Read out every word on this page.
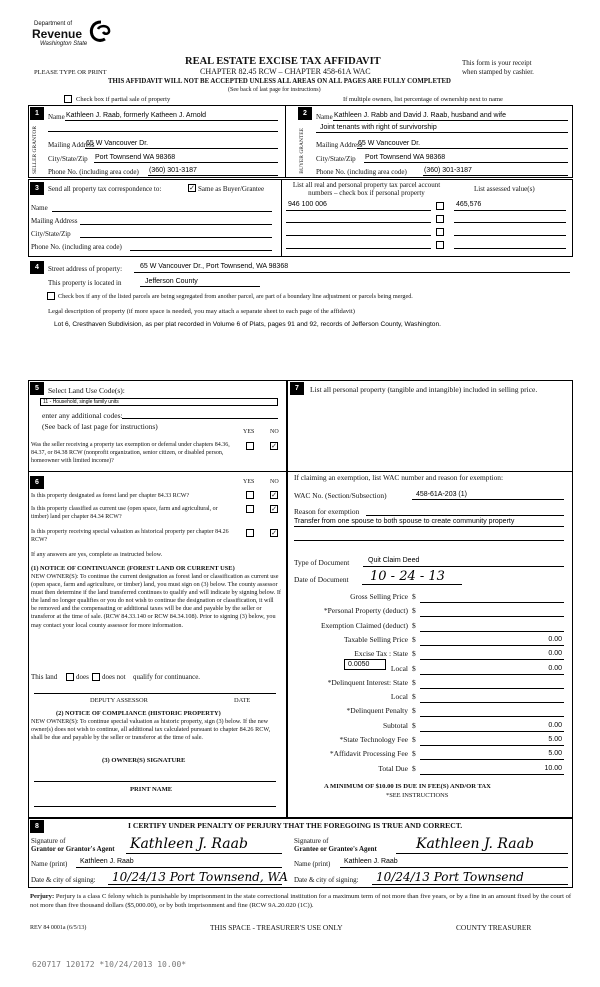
Department of
Revenue
Washington State
REAL ESTATE EXCISE TAX AFFIDAVIT
PLEASE TYPE OR PRINT	CHAPTER 82.45 RCW – CHAPTER 458-61A WAC
This form is your receipt
when stamped by cashier.
THIS AFFIDAVIT WILL NOT BE ACCEPTED UNLESS ALL AREAS ON ALL PAGES ARE FULLY COMPLETED
(See back of last page for instructions)
Check box if partial sale of property	If multiple owners, list percentage of ownership next to name
1
SELLER GRANTOR
Name Kathleen J. Raab, formerly Katheen J. Arnold
Mailing Address
65 W Vancouver Dr.
City/State/Zip Port Townsend WA 98368
Phone No. (including area code) (360) 301-3187
2
BUYER GRANTEE
Name Kathleen J. Rabb and David J. Raab, husband and wife
Joint tenants with right of survivorship
Mailing Address
65 W Vancouver Dr.
City/State/Zip Port Townsend WA 98368
Phone No. (including area code) (360) 301-3187
3	Send all property tax correspondence to:	✓ Same as Buyer/Grantee	List all real and personal property tax parcel account numbers – check box if personal property	List assessed value(s)
Name
Mailing Address
City/State/Zip
Phone No. (including area code)
946 100 006	465,576
4	Street address of property:	65 W Vancouver Dr., Port Townsend, WA 98368
This property is located in	Jefferson County
Check box if any of the listed parcels are being segregated from another parcel, are part of a boundary line adjustment or parcels being merged.
Legal description of property (if more space is needed, you may attach a separate sheet to each page of the affidavit)
Lot 6, Cresthaven Subdivision, as per plat recorded in Volume 6 of Plats, pages 91 and 92, records of Jefferson County, Washington.
5	Select Land Use Code(s):
11 - Household, single family units
enter any additional codes:
(See back of last page for instructions)
YES	NO
Was the seller receiving a property tax exemption or deferral under chapters 84.36, 84.37, or 84.38 RCW (nonprofit organization, senior citizen, or disabled person, homeowner with limited income)?
✓
7	List all personal property (tangible and intangible) included in selling price.
6	YES	NO
Is this property designated as forest land per chapter 84.33 RCW?	✓
Is this property classified as current use (open space, farm and agricultural, or timber) land per chapter 84.34 RCW?
✓
Is this property receiving special valuation as historical property per chapter 84.26 RCW?
✓
If any answers are yes, complete as instructed below.
(1) NOTICE OF CONTINUANCE (FOREST LAND OR CURRENT USE)
NEW OWNER(S): To continue the current designation as forest land or classification as current use (open space, farm and agriculture, or timber) land, you must sign on (3) below. The county assessor must then determine if the land transferred continues to qualify and will indicate by signing below. If the land no longer qualifies or you do not wish to continue the designation or classification, it will be removed and the compensating or additional taxes will be due and payable by the seller or transferor at the time of sale. (RCW 84.33.140 or RCW 84.34.108). Prior to signing (3) below, you may contact your local county assessor for more information.
This land	does does not qualify for continuance.
DEPUTY ASSESSOR	DATE
(2) NOTICE OF COMPLIANCE (HISTORIC PROPERTY)
NEW OWNER(S): To continue special valuation as historic property, sign (3) below. If the new owner(s) does not wish to continue, all additional tax calculated pursuant to chapter 84.26 RCW, shall be due and payable by the seller or transferor at the time of sale.
(3) OWNER(S) SIGNATURE
PRINT NAME
If claiming an exemption, list WAC number and reason for exemption:
WAC No. (Section/Subsection)	458-61A-203 (1)
Reason for exemption
Transfer from one spouse to both spouse to create community property
Type of Document	Quit Claim Deed
Date of Document 10 - 24 - 13
Gross Selling Price $
*Personal Property (deduct) $
Exemption Claimed (deduct) $
Taxable Selling Price $	0.00
Excise Tax : State $	0.00
Local $	0.00
*Delinquent Interest: State $
Local $
*Delinquent Penalty $
Subtotal $	0.00
*State Technology Fee $	5.00
*Affidavit Processing Fee $	5.00
Total Due $	10.00
0.0050
A MINIMUM OF $10.00 IS DUE IN FEE(S) AND/OR TAX
*SEE INSTRUCTIONS
8	I CERTIFY UNDER PENALTY OF PERJURY THAT THE FOREGOING IS TRUE AND CORRECT.
Signature of
Grantor or Grantor's Agent Kathleen J. Raab
Name (print) Kathleen J. Raab
Date & city of signing: 10/24/13 Port Townsend, WA
Signature of
Grantee or Grantee's Agent	Kathleen J. Raab
Name (print) Kathleen J. Raab
Date & city of signing: 10/24/13 Port Townsend
Perjury: Perjury is a class C felony which is punishable by imprisonment in the state correctional institution for a maximum term of not more than five years, or by a fine in an amount fixed by the court of not more than five thousand dollars ($5,000.00), or by both imprisonment and fine (RCW 9A.20.020 (1C)).
REV 84 0001a (6/5/13)	THIS SPACE - TREASURER'S USE ONLY	COUNTY TREASURER
620717 120172 *10/24/2013 10.00*
